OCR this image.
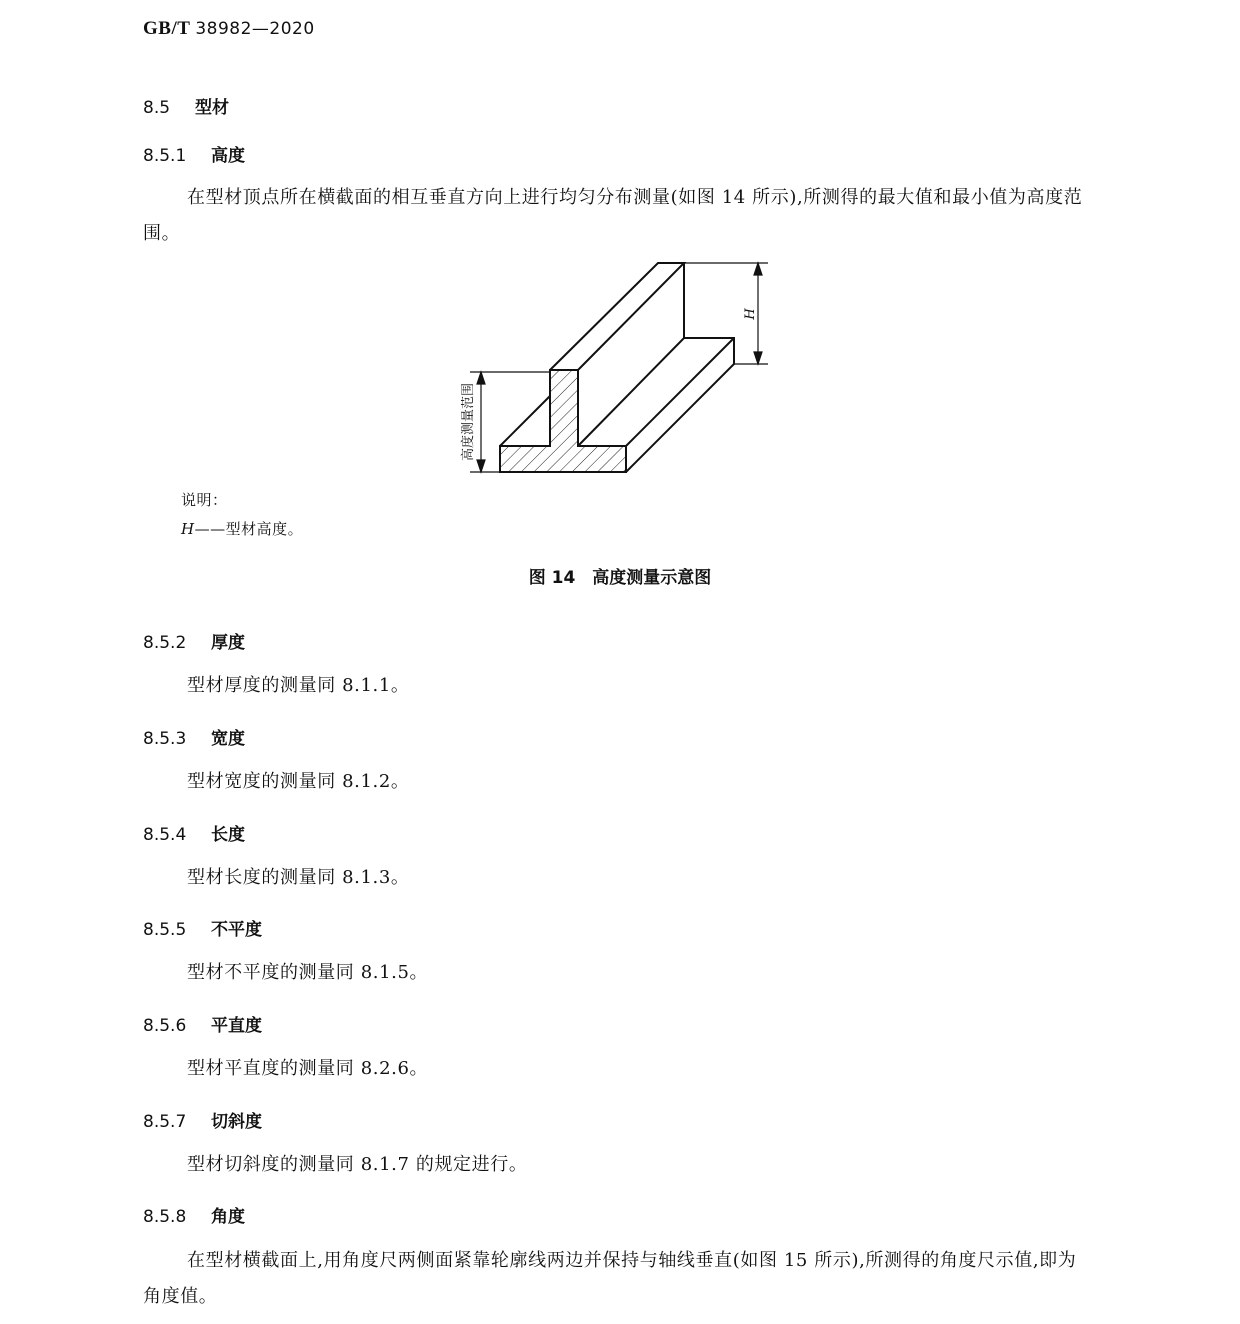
GB/T 38982—2020
8.5 型材
8.5.1 高度
在型材顶点所在横截面的相互垂直方向上进行均匀分布测量(如图 14 所示),所测得的最大值和最小值为高度范围。
H
高度测量范围
说明：
H——型材高度。
图 14　高度测量示意图
8.5.2 厚度
型材厚度的测量同 8.1.1。
8.5.3 宽度
型材宽度的测量同 8.1.2。
8.5.4 长度
型材长度的测量同 8.1.3。
8.5.5 不平度
型材不平度的测量同 8.1.5。
8.5.6 平直度
型材平直度的测量同 8.2.6。
8.5.7 切斜度
型材切斜度的测量同 8.1.7 的规定进行。
8.5.8 角度
在型材横截面上,用角度尺两侧面紧靠轮廓线两边并保持与轴线垂直(如图 15 所示),所测得的角度尺示值,即为角度值。
